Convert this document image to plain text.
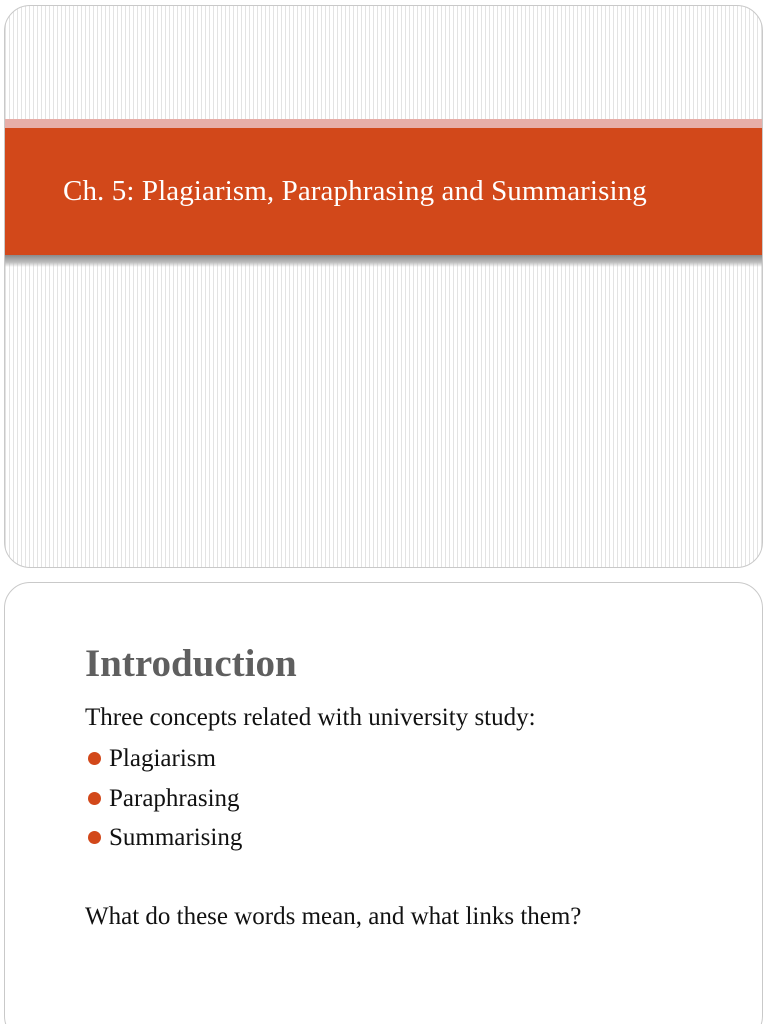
Ch. 5: Plagiarism, Paraphrasing and Summarising
Introduction

Three concepts related with university study:

Plagiarism
Paraphrasing
Summarising

What do these words mean, and what links them?
